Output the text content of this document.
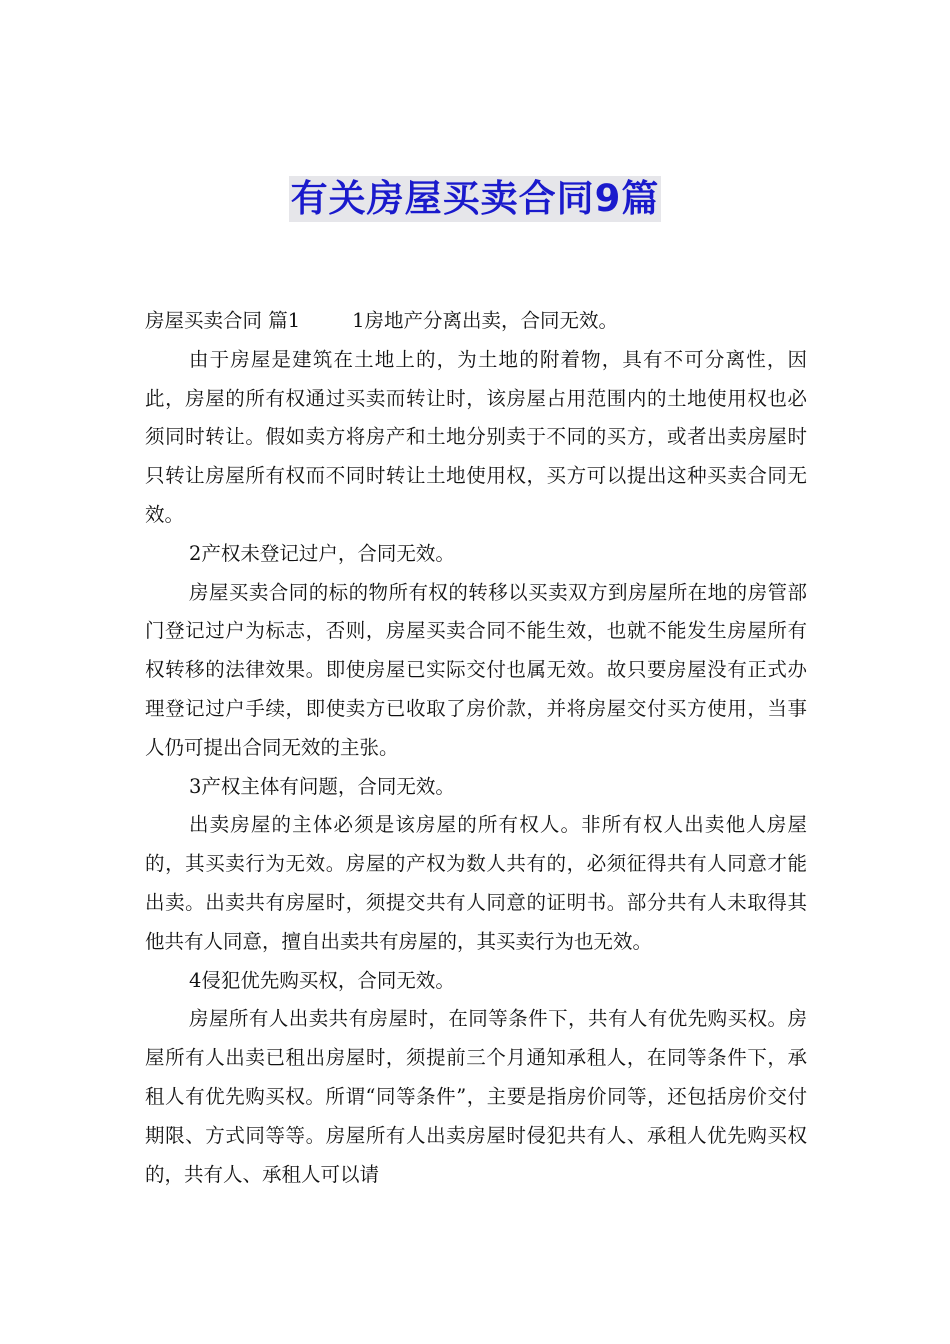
有关房屋买卖合同9篇

房屋买卖合同 篇1	1房地产分离出卖，合同无效。

由于房屋是建筑在土地上的，为土地的附着物，具有不可分离性，因此，房屋的所有权通过买卖而转让时，该房屋占用范围内的土地使用权也必须同时转让。假如卖方将房产和土地分别卖于不同的买方，或者出卖房屋时只转让房屋所有权而不同时转让土地使用权，买方可以提出这种买卖合同无效。

2产权未登记过户，合同无效。

房屋买卖合同的标的物所有权的转移以买卖双方到房屋所在地的房管部门登记过户为标志，否则，房屋买卖合同不能生效，也就不能发生房屋所有权转移的法律效果。即使房屋已实际交付也属无效。故只要房屋没有正式办理登记过户手续，即使卖方已收取了房价款，并将房屋交付买方使用，当事人仍可提出合同无效的主张。

3产权主体有问题，合同无效。

出卖房屋的主体必须是该房屋的所有权人。非所有权人出卖他人房屋的，其买卖行为无效。房屋的产权为数人共有的，必须征得共有人同意才能出卖。出卖共有房屋时，须提交共有人同意的证明书。部分共有人未取得其他共有人同意，擅自出卖共有房屋的，其买卖行为也无效。

4侵犯优先购买权，合同无效。

房屋所有人出卖共有房屋时，在同等条件下，共有人有优先购买权。房屋所有人出卖已租出房屋时，须提前三个月通知承租人，在同等条件下，承租人有优先购买权。所谓“同等条件”，主要是指房价同等，还包括房价交付期限、方式同等等。房屋所有人出卖房屋时侵犯共有人、承租人优先购买权的，共有人、承租人可以请
